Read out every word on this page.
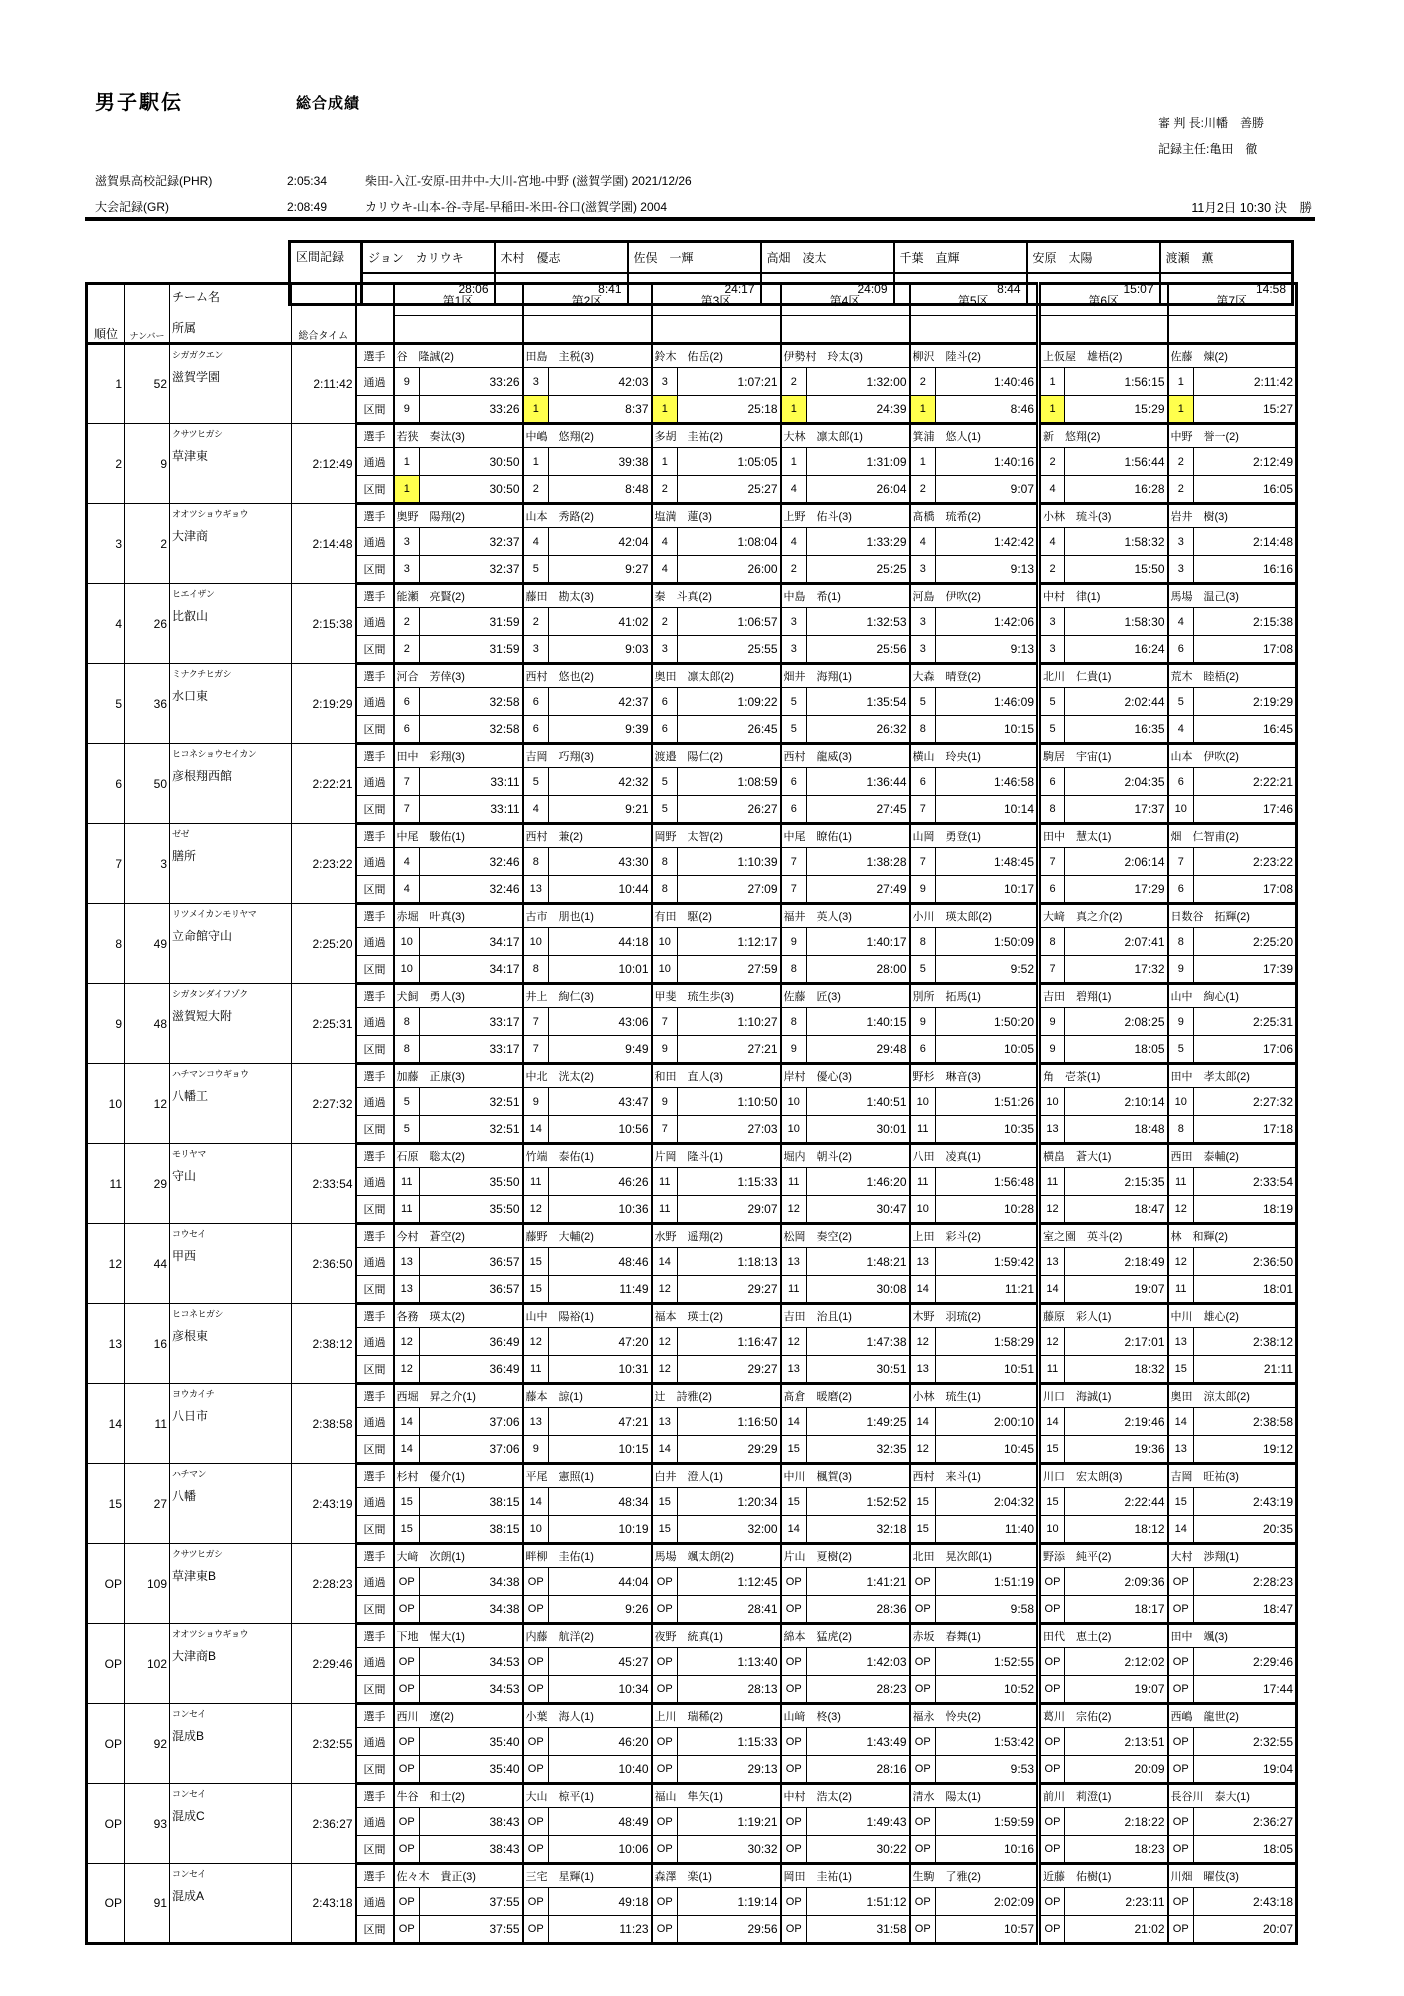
男子駅伝	総合成績
審 判 長:川幡　善勝
記録主任:亀田　徹
滋賀県高校記録(PHR)	2:05:34	柴田-入江-安原-田井中-大川-宮地-中野 (滋賀学園) 2021/12/26
大会記録(GR)	2:08:49	カリウキ-山本-谷-寺尾-早稲田-米田-谷口(滋賀学園) 2004	11月2日 10:30 決　勝
区間記録	ジョン　カリウキ	木村　優志	佐俣　一輝	高畑　凌太	千葉　直輝	安原　太陽	渡瀬　薫
	28:06	8:41	24:17	24:09	8:44	15:07	14:58
順位	ナンバー	チーム名
所属	総合タイム		第1区		第2区		第3区		第4区		第5区		第6区		第7区	

1	52	シガガクエン
滋賀学園	2:11:42	選手	谷　隆誠(2)		田島　主税(3)		鈴木　佑岳(2)		伊勢村　玲太(3)		柳沢　陸斗(2)		上仮屋　雄梧(2)		佐藤　煉(2)	
				通過	9	33:26	3	42:03	3	1:07:21	2	1:32:00	2	1:40:46	1	1:56:15	1	2:11:42
				区間	9	33:26	1	8:37	1	25:18	1	24:39	1	8:46	1	15:29	1	15:27
2	9	クサツヒガシ
草津東	2:12:49	選手	若狭　奏汰(3)		中嶋　悠翔(2)		多胡　圭祐(2)		大林　凛太郎(1)		箕浦　悠人(1)		新　悠翔(2)		中野　誉一(2)	
				通過	1	30:50	1	39:38	1	1:05:05	1	1:31:09	1	1:40:16	2	1:56:44	2	2:12:49
				区間	1	30:50	2	8:48	2	25:27	4	26:04	2	9:07	4	16:28	2	16:05
3	2	オオツショウギョウ
大津商	2:14:48	選手	奥野　陽翔(2)		山本　秀路(2)		塩満　蓮(3)		上野　佑斗(3)		髙橋　琉希(2)		小林　琉斗(3)		岩井　樹(3)	
				通過	3	32:37	4	42:04	4	1:08:04	4	1:33:29	4	1:42:42	4	1:58:32	3	2:14:48
				区間	3	32:37	5	9:27	4	26:00	2	25:25	3	9:13	2	15:50	3	16:16
4	26	ヒエイザン
比叡山	2:15:38	選手	能瀬　亮賢(2)		藤田　勘太(3)		秦　斗真(2)		中島　希(1)		河島　伊吹(2)		中村　律(1)		馬場　温己(3)	
				通過	2	31:59	2	41:02	2	1:06:57	3	1:32:53	3	1:42:06	3	1:58:30	4	2:15:38
				区間	2	31:59	3	9:03	3	25:55	3	25:56	3	9:13	3	16:24	6	17:08
5	36	ミナクチヒガシ
水口東	2:19:29	選手	河合　芳倖(3)		西村　悠也(2)		奥田　凛太郎(2)		畑井　海翔(1)		大森　晴登(2)		北川　仁貴(1)		荒木　睦梧(2)	
				通過	6	32:58	6	42:37	6	1:09:22	5	1:35:54	5	1:46:09	5	2:02:44	5	2:19:29
				区間	6	32:58	6	9:39	6	26:45	5	26:32	8	10:15	5	16:35	4	16:45
6	50	ヒコネショウセイカン
彦根翔西館	2:22:21	選手	田中　彩翔(3)		吉岡　巧翔(3)		渡邉　陽仁(2)		西村　龍威(3)		横山　玲央(1)		駒居　宇宙(1)		山本　伊吹(2)	
				通過	7	33:11	5	42:32	5	1:08:59	6	1:36:44	6	1:46:58	6	2:04:35	6	2:22:21
				区間	7	33:11	4	9:21	5	26:27	6	27:45	7	10:14	8	17:37	10	17:46
7	3	ゼゼ
膳所	2:23:22	選手	中尾　駿佑(1)		西村　兼(2)		岡野　太智(2)		中尾　瞭佑(1)		山岡　勇登(1)		田中　慧太(1)		畑　仁智甫(2)	
				通過	4	32:46	8	43:30	8	1:10:39	7	1:38:28	7	1:48:45	7	2:06:14	7	2:23:22
				区間	4	32:46	13	10:44	8	27:09	7	27:49	9	10:17	6	17:29	6	17:08
8	49	リツメイカンモリヤマ
立命館守山	2:25:20	選手	赤堀　叶真(3)		古市　朋也(1)		有田　駆(2)		福井　英人(3)		小川　瑛太郎(2)		大﨑　真之介(2)		日数谷　拓輝(2)	
				通過	10	34:17	10	44:18	10	1:12:17	9	1:40:17	8	1:50:09	8	2:07:41	8	2:25:20
				区間	10	34:17	8	10:01	10	27:59	8	28:00	5	9:52	7	17:32	9	17:39
9	48	シガタンダイフゾク
滋賀短大附	2:25:31	選手	犬飼　勇人(3)		井上　絢仁(3)		甲斐　琉生歩(3)		佐藤　匠(3)		別所　拓馬(1)		吉田　碧翔(1)		山中　絢心(1)	
				通過	8	33:17	7	43:06	7	1:10:27	8	1:40:15	9	1:50:20	9	2:08:25	9	2:25:31
				区間	8	33:17	7	9:49	9	27:21	9	29:48	6	10:05	9	18:05	5	17:06
10	12	ハチマンコウギョウ
八幡工	2:27:32	選手	加藤　正康(3)		中北　洸太(2)		和田　直人(3)		岸村　優心(3)		野杉　琳音(3)		角　壱茶(1)		田中　孝太郎(2)	
				通過	5	32:51	9	43:47	9	1:10:50	10	1:40:51	10	1:51:26	10	2:10:14	10	2:27:32
				区間	5	32:51	14	10:56	7	27:03	10	30:01	11	10:35	13	18:48	8	17:18
11	29	モリヤマ
守山	2:33:54	選手	石原　聡太(2)		竹端　泰佑(1)		片岡　隆斗(1)		堀内　朝斗(2)		八田　凌真(1)		横畠　蒼大(1)		西田　泰輔(2)	
				通過	11	35:50	11	46:26	11	1:15:33	11	1:46:20	11	1:56:48	11	2:15:35	11	2:33:54
				区間	11	35:50	12	10:36	11	29:07	12	30:47	10	10:28	12	18:47	12	18:19
12	44	コウセイ
甲西	2:36:50	選手	今村　蒼空(2)		藤野　大輔(2)		水野　遥翔(2)		松岡　奏空(2)		上田　彩斗(2)		室之園　英斗(2)		林　和輝(2)	
				通過	13	36:57	15	48:46	14	1:18:13	13	1:48:21	13	1:59:42	13	2:18:49	12	2:36:50
				区間	13	36:57	15	11:49	12	29:27	11	30:08	14	11:21	14	19:07	11	18:01
13	16	ヒコネヒガシ
彦根東	2:38:12	選手	各務　瑛太(2)		山中　陽裕(1)		福本　瑛士(2)		吉田　治且(1)		木野　羽琉(2)		藤原　彩人(1)		中川　雄心(2)	
				通過	12	36:49	12	47:20	12	1:16:47	12	1:47:38	12	1:58:29	12	2:17:01	13	2:38:12
				区間	12	36:49	11	10:31	12	29:27	13	30:51	13	10:51	11	18:32	15	21:11
14	11	ヨウカイチ
八日市	2:38:58	選手	西堀　昇之介(1)		藤本　諒(1)		辻　詩雅(2)		髙倉　暖磨(2)		小林　琉生(1)		川口　海誠(1)		奥田　涼太郎(2)	
				通過	14	37:06	13	47:21	13	1:16:50	14	1:49:25	14	2:00:10	14	2:19:46	14	2:38:58
				区間	14	37:06	9	10:15	14	29:29	15	32:35	12	10:45	15	19:36	13	19:12
15	27	ハチマン
八幡	2:43:19	選手	杉村　優介(1)		平尾　憲照(1)		白井　澄人(1)		中川　楓賀(3)		西村　来斗(1)		川口　宏太朗(3)		吉岡　旺祐(3)	
				通過	15	38:15	14	48:34	15	1:20:34	15	1:52:52	15	2:04:32	15	2:22:44	15	2:43:19
				区間	15	38:15	10	10:19	15	32:00	14	32:18	15	11:40	10	18:12	14	20:35
OP	109	クサツヒガシ
草津東B	2:28:23	選手	大﨑　次朗(1)		畔柳　圭佑(1)		馬場　颯太朗(2)		片山　夏樹(2)		北田　晃次郎(1)		野添　純平(2)		大村　渉翔(1)	
				通過	OP	34:38	OP	44:04	OP	1:12:45	OP	1:41:21	OP	1:51:19	OP	2:09:36	OP	2:28:23
				区間	OP	34:38	OP	9:26	OP	28:41	OP	28:36	OP	9:58	OP	18:17	OP	18:47
OP	102	オオツショウギョウ
大津商B	2:29:46	選手	下地　惺大(1)		内藤　航洋(2)		夜野　統真(1)		綿本　猛虎(2)		赤坂　春舞(1)		田代　恵土(2)		田中　颯(3)	
				通過	OP	34:53	OP	45:27	OP	1:13:40	OP	1:42:03	OP	1:52:55	OP	2:12:02	OP	2:29:46
				区間	OP	34:53	OP	10:34	OP	28:13	OP	28:23	OP	10:52	OP	19:07	OP	17:44
OP	92	コンセイ
混成B	2:32:55	選手	西川　遼(2)		小葉　海人(1)		上川　瑞稀(2)		山﨑　柊(3)		福永　怜央(2)		葛川　宗佑(2)		西嶋　龍世(2)	
				通過	OP	35:40	OP	46:20	OP	1:15:33	OP	1:43:49	OP	1:53:42	OP	2:13:51	OP	2:32:55
				区間	OP	35:40	OP	10:40	OP	29:13	OP	28:16	OP	9:53	OP	20:09	OP	19:04
OP	93	コンセイ
混成C	2:36:27	選手	牛谷　和士(2)		大山　椋平(1)		福山　隼矢(1)		中村　浩太(2)		清水　陽太(1)		前川　莉澄(1)		長谷川　泰大(1)	
				通過	OP	38:43	OP	48:49	OP	1:19:21	OP	1:49:43	OP	1:59:59	OP	2:18:22	OP	2:36:27
				区間	OP	38:43	OP	10:06	OP	30:32	OP	30:22	OP	10:16	OP	18:23	OP	18:05
OP	91	コンセイ
混成A	2:43:18	選手	佐々木　貴正(3)		三宅　星輝(1)		森澤　楽(1)		岡田　圭祐(1)		生駒　了雅(2)		近藤　佑樹(1)		川畑　曜伎(3)	
				通過	OP	37:55	OP	49:18	OP	1:19:14	OP	1:51:12	OP	2:02:09	OP	2:23:11	OP	2:43:18
				区間	OP	37:55	OP	11:23	OP	29:56	OP	31:58	OP	10:57	OP	21:02	OP	20:07
